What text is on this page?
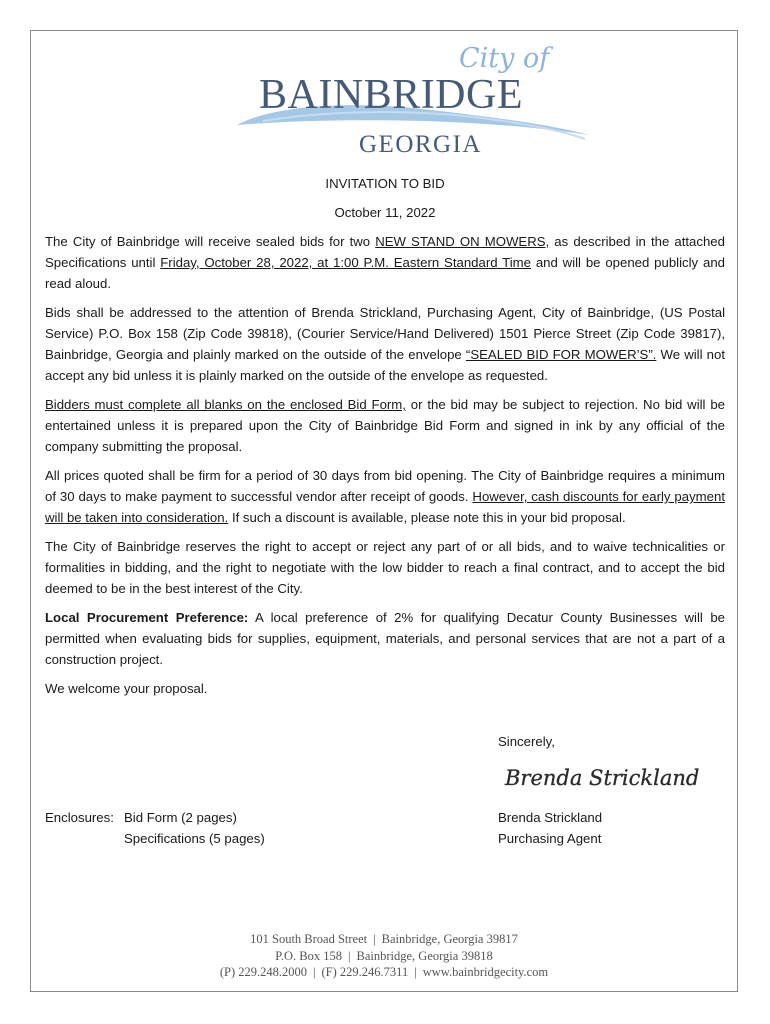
City of
BAINBRIDGE
GEORGIA

INVITATION TO BID

October 11, 2022

The City of Bainbridge will receive sealed bids for two NEW STAND ON MOWERS, as described in the attached Specifications until Friday, October 28, 2022, at 1:00 P.M. Eastern Standard Time and will be opened publicly and read aloud.

Bids shall be addressed to the attention of Brenda Strickland, Purchasing Agent, City of Bainbridge, (US Postal Service) P.O. Box 158 (Zip Code 39818), (Courier Service/Hand Delivered) 1501 Pierce Street (Zip Code 39817), Bainbridge, Georgia and plainly marked on the outside of the envelope “SEALED BID FOR MOWER’S”. We will not accept any bid unless it is plainly marked on the outside of the envelope as requested.

Bidders must complete all blanks on the enclosed Bid Form, or the bid may be subject to rejection. No bid will be entertained unless it is prepared upon the City of Bainbridge Bid Form and signed in ink by any official of the company submitting the proposal.

All prices quoted shall be firm for a period of 30 days from bid opening. The City of Bainbridge requires a minimum of 30 days to make payment to successful vendor after receipt of goods. However, cash discounts for early payment will be taken into consideration. If such a discount is available, please note this in your bid proposal.

The City of Bainbridge reserves the right to accept or reject any part of or all bids, and to waive technicalities or formalities in bidding, and the right to negotiate with the low bidder to reach a final contract, and to accept the bid deemed to be in the best interest of the City.

Local Procurement Preference: A local preference of 2% for qualifying Decatur County Businesses will be permitted when evaluating bids for supplies, equipment, materials, and personal services that are not a part of a construction project.

We welcome your proposal.

Sincerely,
Brenda Strickland
Brenda Strickland
Purchasing Agent
Enclosures: Bid Form (2 pages)
Specifications (5 pages)
101 South Broad Street | Bainbridge, Georgia 39817
P.O. Box 158 | Bainbridge, Georgia 39818
(P) 229.248.2000 | (F) 229.246.7311 | www.bainbridgecity.com
